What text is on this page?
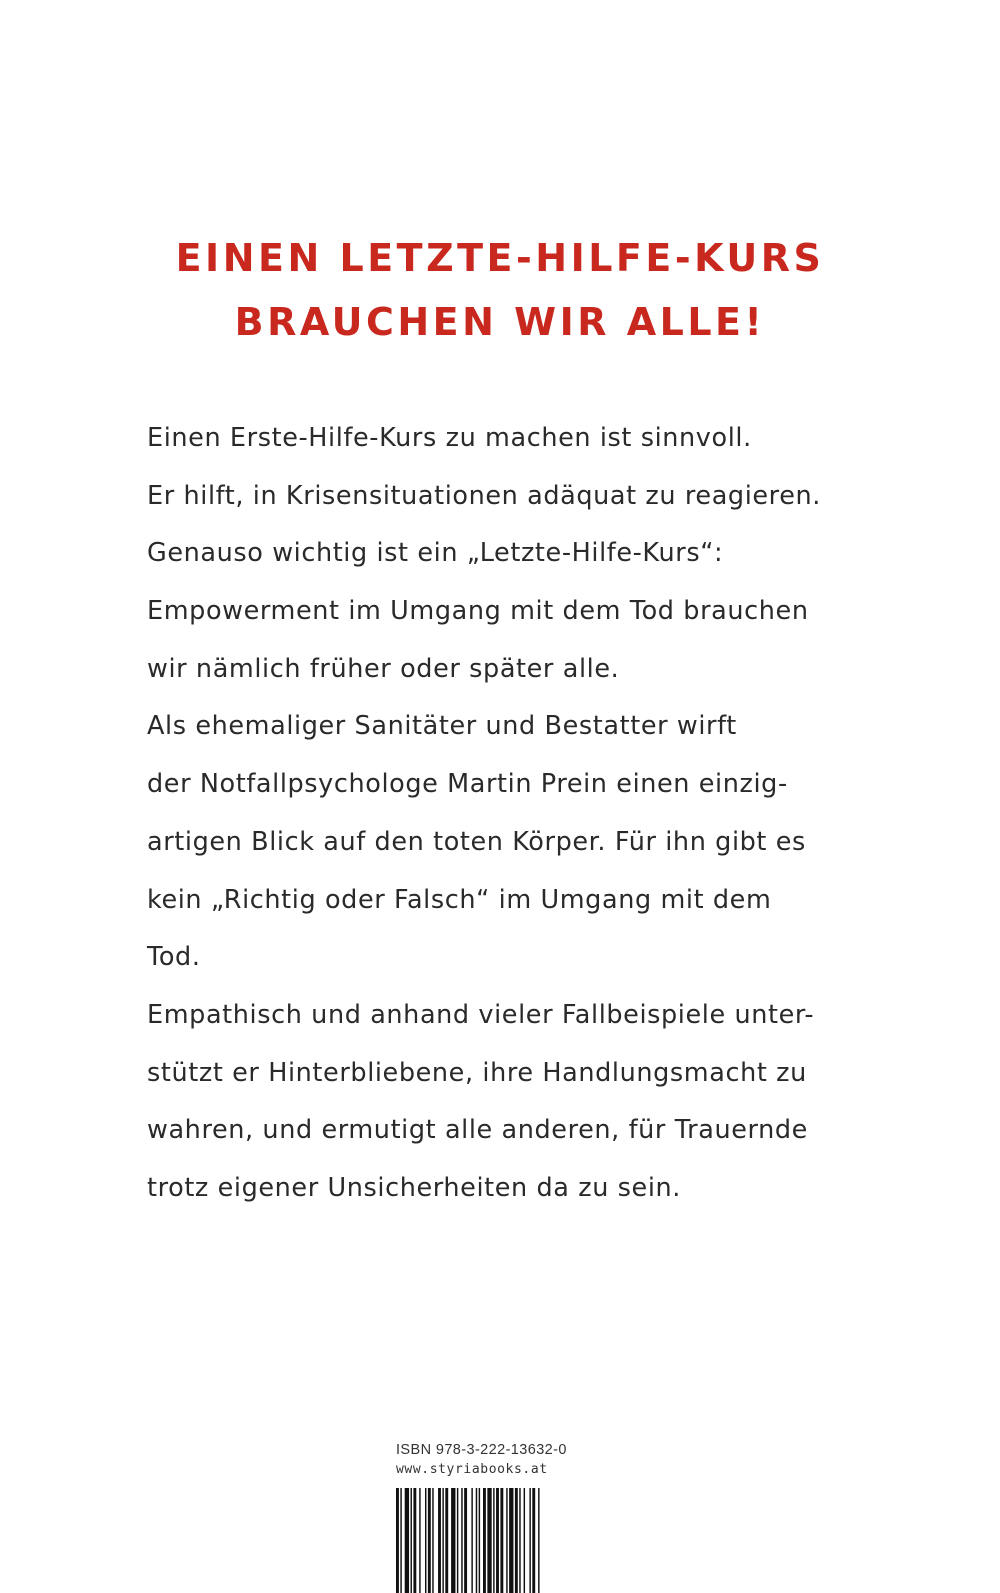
EINEN LETZTE-HILFE-KURS
BRAUCHEN WIR ALLE!
Einen Erste-Hilfe-Kurs zu machen ist sinnvoll.
Er hilft, in Krisensituationen adäquat zu reagieren.
Genauso wichtig ist ein „Letzte-Hilfe-Kurs“:
Empowerment im Umgang mit dem Tod brauchen
wir nämlich früher oder später alle.
Als ehemaliger Sanitäter und Bestatter wirft
der Notfallpsychologe Martin Prein einen einzig-
artigen Blick auf den toten Körper. Für ihn gibt es
kein „Richtig oder Falsch“ im Umgang mit dem
Tod.
Empathisch und anhand vieler Fallbeispiele unter-
stützt er Hinterbliebene, ihre Handlungsmacht zu
wahren, und ermutigt alle anderen, für Trauernde
trotz eigener Unsicherheiten da zu sein.
ISBN 978-3-222-13632-0
www.styriabooks.at
